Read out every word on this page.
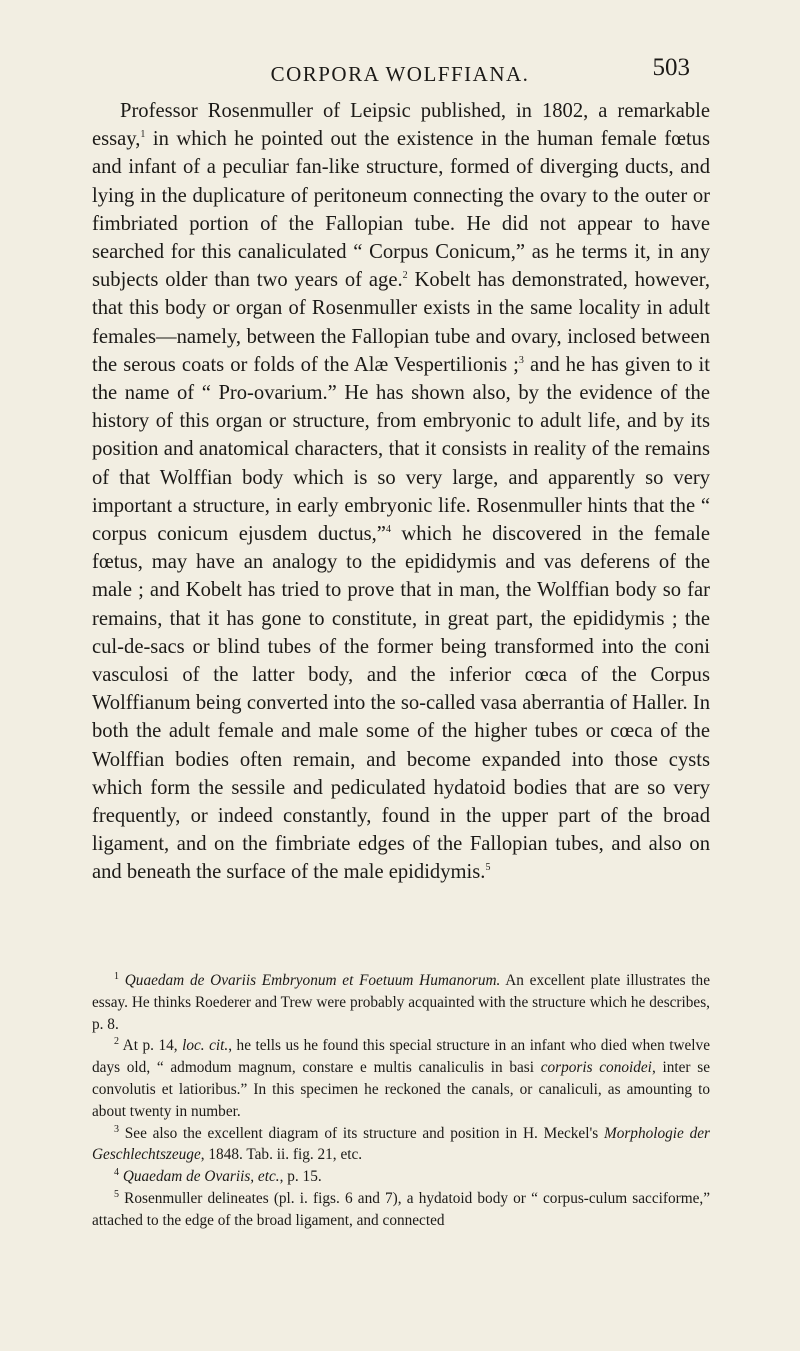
CORPORA WOLFFIANA.	503

Professor Rosenmuller of Leipsic published, in 1802, a remarkable essay,$^1$ in which he pointed out the existence in the human female fœtus and infant of a peculiar fan-like structure, formed of diverging ducts, and lying in the duplicature of peritoneum connecting the ovary to the outer or fimbriated portion of the Fallopian tube. He did not appear to have searched for this canaliculated “ Corpus Conicum,” as he terms it, in any subjects older than two years of age.$^2$ Kobelt has demonstrated, however, that this body or organ of Rosenmuller exists in the same locality in adult females—namely, between the Fallopian tube and ovary, inclosed between the serous coats or folds of the Alæ Vespertilionis ;$^3$ and he has given to it the name of “ Pro-ovarium.” He has shown also, by the evidence of the history of this organ or structure, from embryonic to adult life, and by its position and anatomical characters, that it consists in reality of the remains of that Wolffian body which is so very large, and apparently so very important a structure, in early embryonic life. Rosenmuller hints that the “ corpus conicum ejusdem ductus,”$^4$ which he discovered in the female fœtus, may have an analogy to the epididymis and vas deferens of the male ; and Kobelt has tried to prove that in man, the Wolffian body so far remains, that it has gone to constitute, in great part, the epididymis ; the cul-de-sacs or blind tubes of the former being transformed into the coni vasculosi of the latter body, and the inferior cœca of the Corpus Wolffianum being converted into the so-called vasa aberrantia of Haller. In both the adult female and male some of the higher tubes or cœca of the Wolffian bodies often remain, and become expanded into those cysts which form the sessile and pediculated hydatoid bodies that are so very frequently, or indeed constantly, found in the upper part of the broad ligament, and on the fimbriate edges of the Fallopian tubes, and also on and beneath the surface of the male epididymis.$^5$

$^1$ Quaedam de Ovariis Embryonum et Foetuum Humanorum. An excellent plate illustrates the essay. He thinks Roederer and Trew were probably acquainted with the structure which he describes, p. 8.

$^2$ At p. 14, loc. cit., he tells us he found this special structure in an infant who died when twelve days old, “ admodum magnum, constare e multis canaliculis in basi corporis conoidei, inter se convolutis et latioribus.” In this specimen he reckoned the canals, or canaliculi, as amounting to about twenty in number.

$^3$ See also the excellent diagram of its structure and position in H. Meckel's Morphologie der Geschlechtszeuge, 1848. Tab. ii. fig. 21, etc.

$^4$ Quaedam de Ovariis, etc., p. 15.

$^5$ Rosenmuller delineates (pl. i. figs. 6 and 7), a hydatoid body or “ corpus-culum sacciforme,” attached to the edge of the broad ligament, and connected
